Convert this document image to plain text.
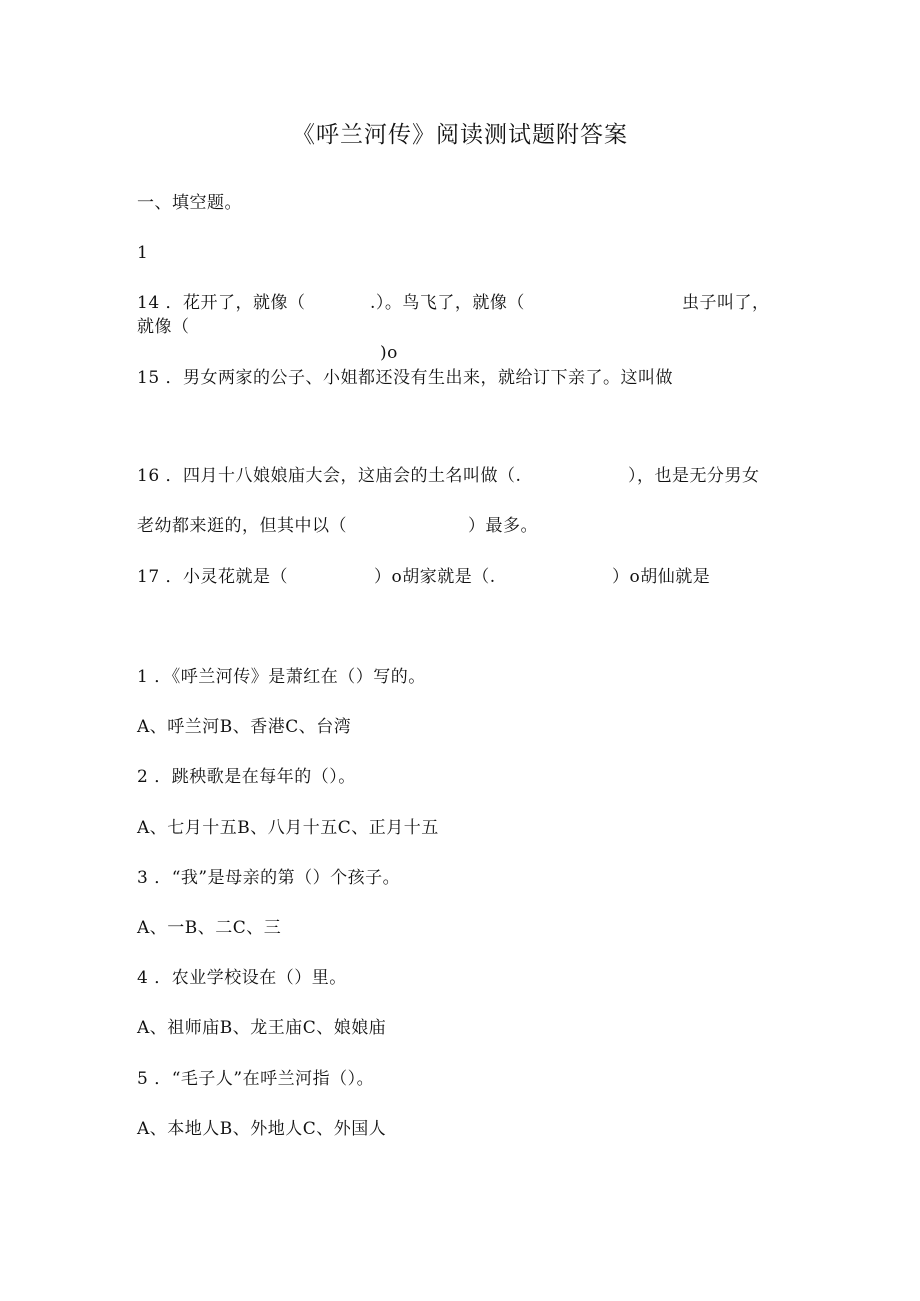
《呼兰河传》阅读测试题附答案
一、填空题。
1
14 ．花开了，就像（	.）。鸟飞了，就像（	虫子叫了，
就像（
)o
15 ．男女两家的公子、小姐都还没有生出来，就给订下亲了。这叫做
16 ．四月十八娘娘庙大会，这庙会的土名叫做（.	），也是无分男女
老幼都来逛的，但其中以（	）最多。
17 ．小灵花就是（	）o胡家就是（.	）o胡仙就是
1 ．《呼兰河传》是萧红在（）写的。
A、呼兰河B、香港C、台湾
2 ．跳秧歌是在每年的（）。
A、七月十五B、八月十五C、正月十五
3 ．“我”是母亲的第（）个孩子。
A、一B、二C、三
4 ．农业学校设在（）里。
A、祖师庙B、龙王庙C、娘娘庙
5 ．“毛子人”在呼兰河指（）。
A、本地人B、外地人C、外国人
